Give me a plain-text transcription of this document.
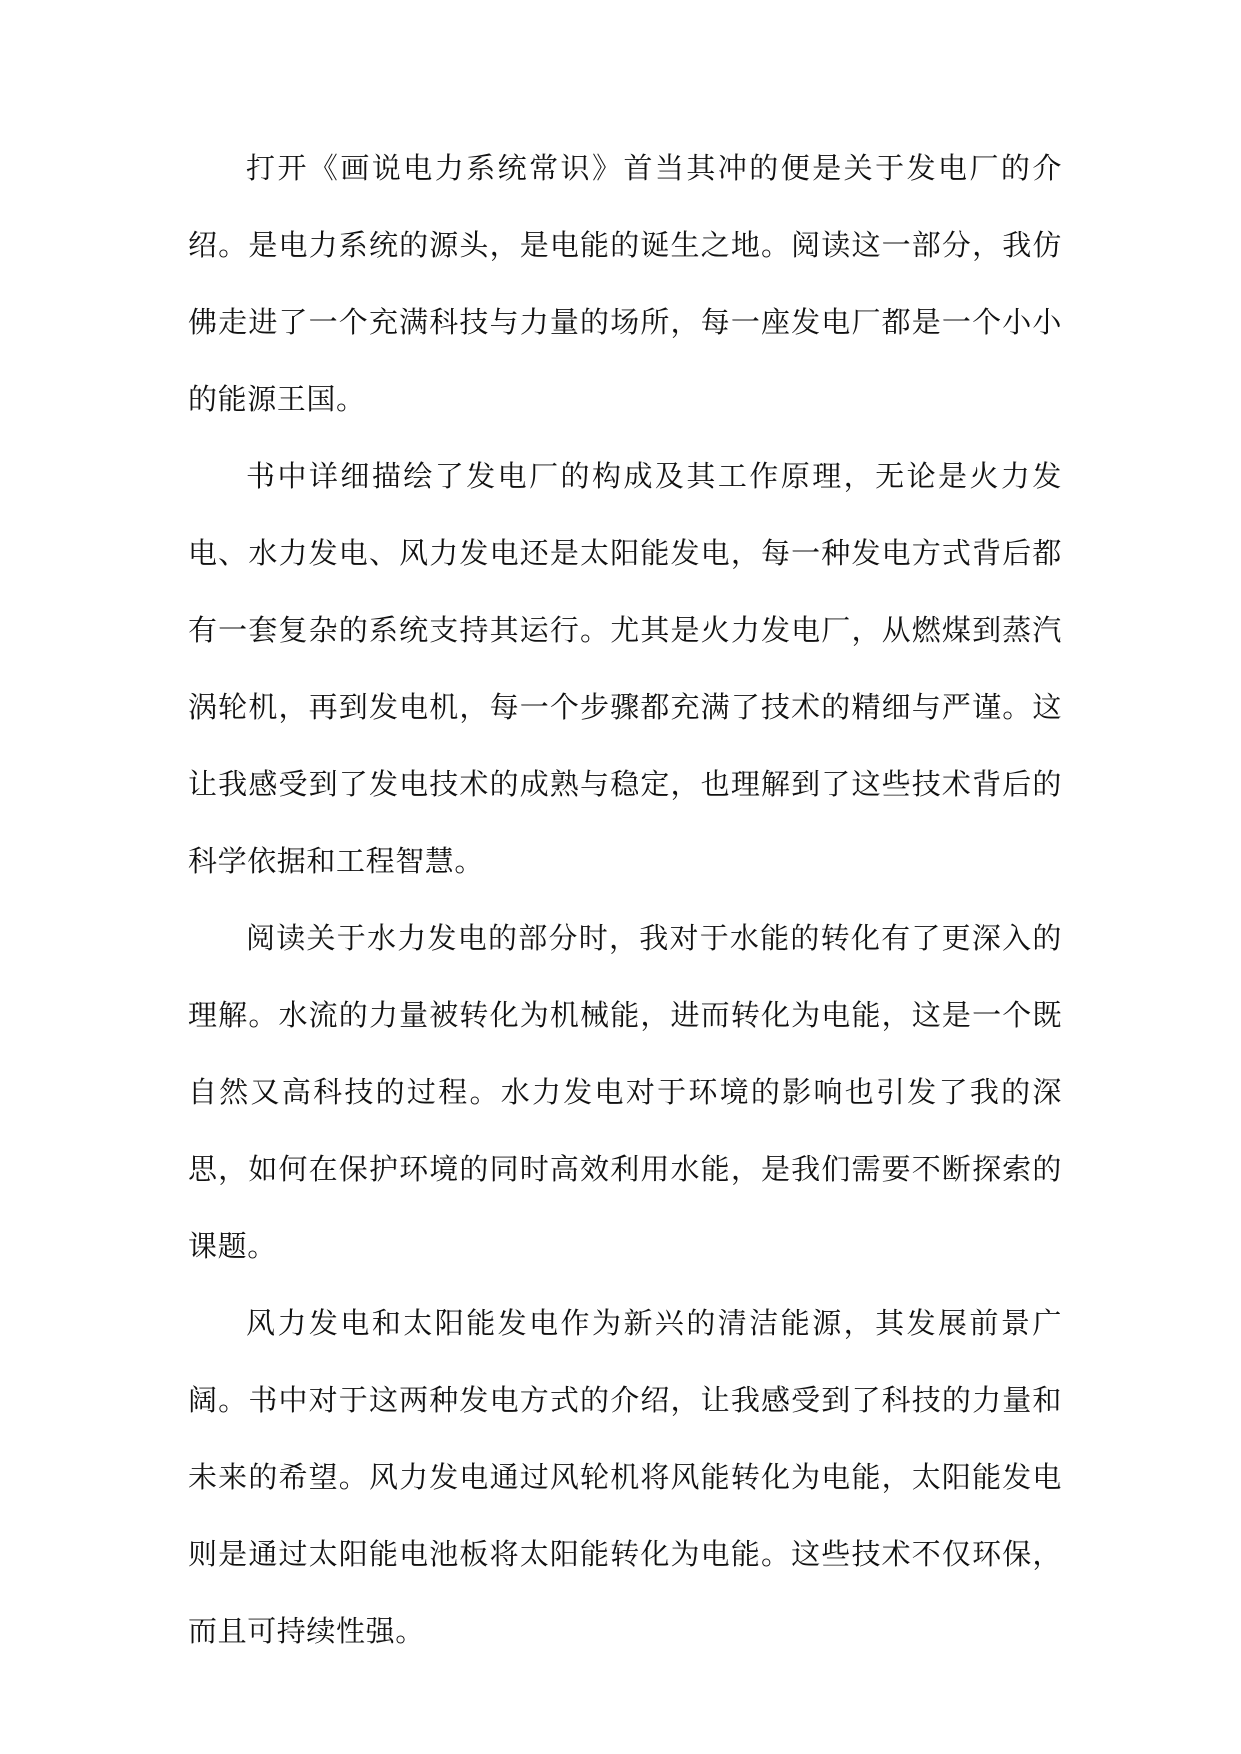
打开《画说电力系统常识》首当其冲的便是关于发电厂的介绍。是电力系统的源头，是电能的诞生之地。阅读这一部分，我仿佛走进了一个充满科技与力量的场所，每一座发电厂都是一个小小的能源王国。

书中详细描绘了发电厂的构成及其工作原理，无论是火力发电、水力发电、风力发电还是太阳能发电，每一种发电方式背后都有一套复杂的系统支持其运行。尤其是火力发电厂，从燃煤到蒸汽涡轮机，再到发电机，每一个步骤都充满了技术的精细与严谨。这让我感受到了发电技术的成熟与稳定，也理解到了这些技术背后的科学依据和工程智慧。

阅读关于水力发电的部分时，我对于水能的转化有了更深入的理解。水流的力量被转化为机械能，进而转化为电能，这是一个既自然又高科技的过程。水力发电对于环境的影响也引发了我的深思，如何在保护环境的同时高效利用水能，是我们需要不断探索的课题。

风力发电和太阳能发电作为新兴的清洁能源，其发展前景广阔。书中对于这两种发电方式的介绍，让我感受到了科技的力量和未来的希望。风力发电通过风轮机将风能转化为电能，太阳能发电则是通过太阳能电池板将太阳能转化为电能。这些技术不仅环保，而且可持续性强。
